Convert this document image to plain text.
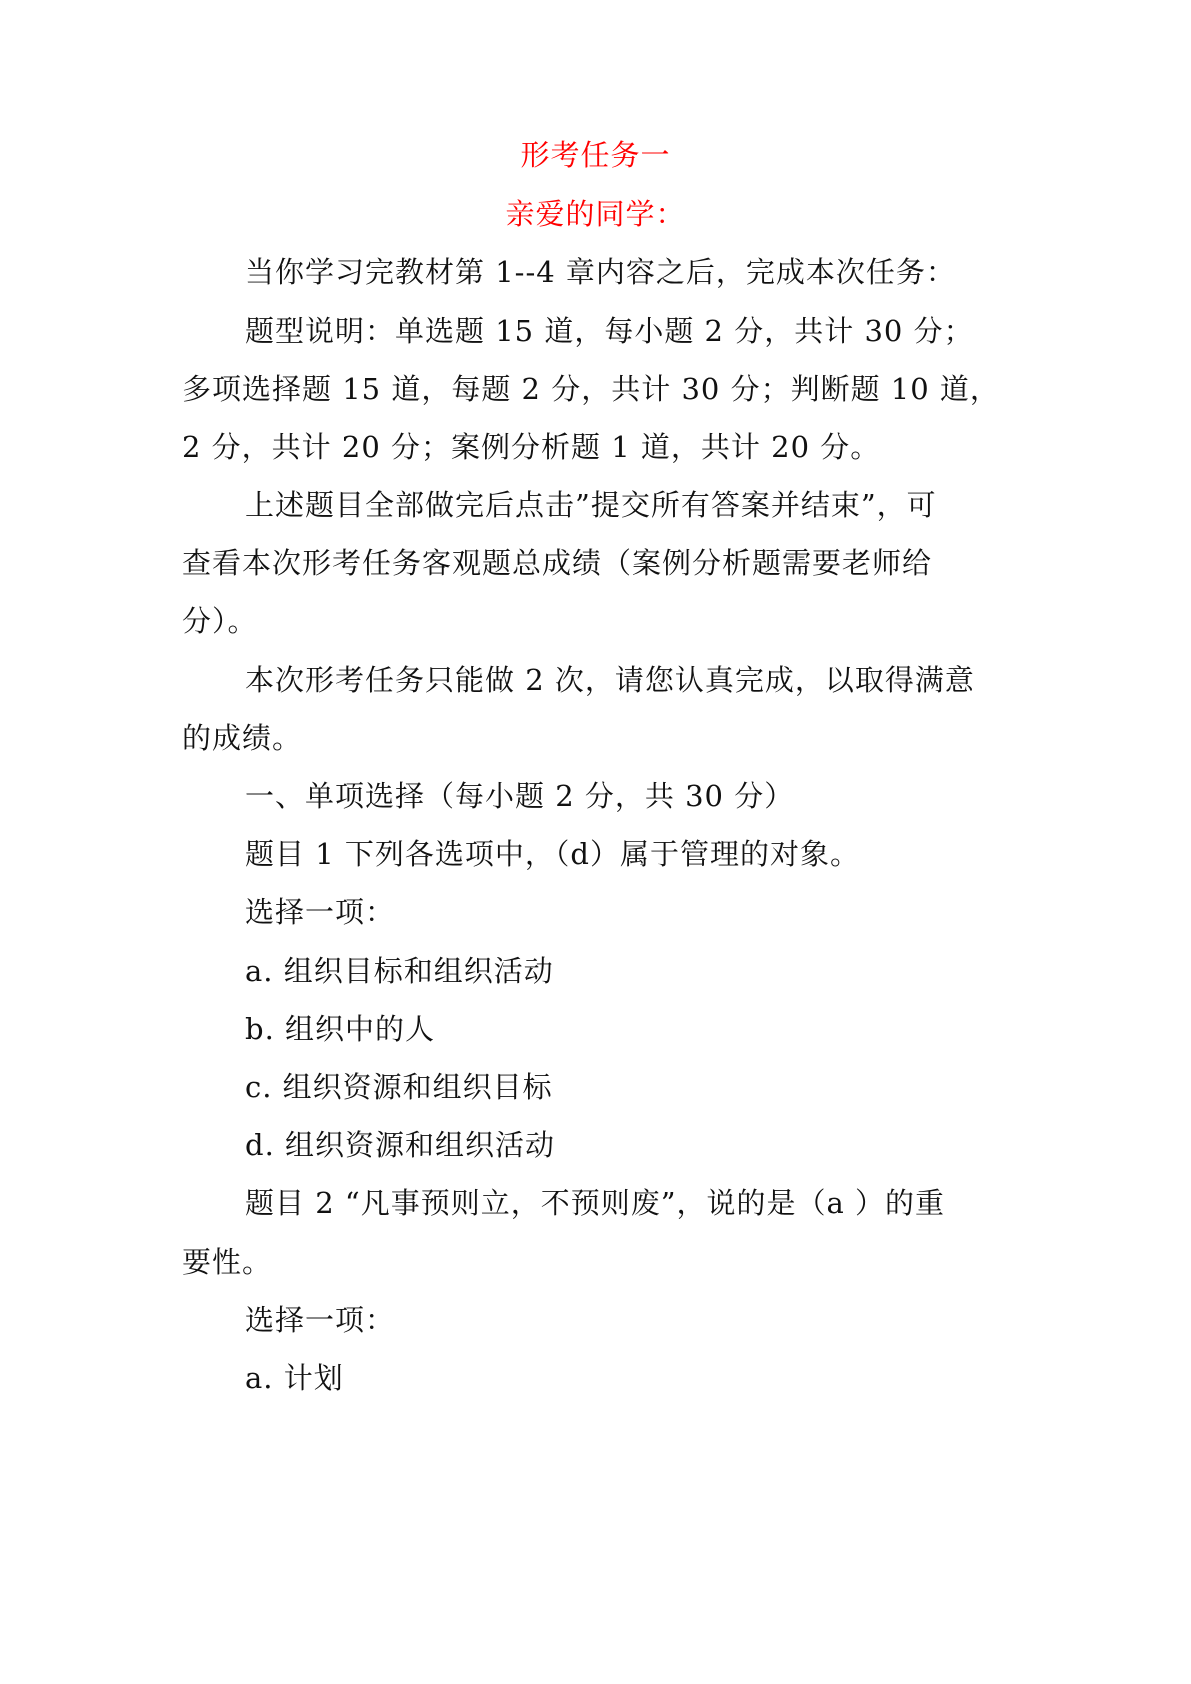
形考任务一
亲爱的同学：
当你学习完教材第 1--4 章内容之后，完成本次任务：
题型说明：单选题 15 道，每小题 2 分，共计 30 分；
多项选择题 15 道，每题 2 分，共计 30 分；判断题 10 道，
2 分，共计 20 分；案例分析题 1 道，共计 20 分。
上述题目全部做完后点击”提交所有答案并结束”，可
查看本次形考任务客观题总成绩（案例分析题需要老师给
分）。
本次形考任务只能做 2 次，请您认真完成，以取得满意
的成绩。
一、单项选择（每小题 2 分，共 30 分）
题目 1 下列各选项中，（d）属于管理的对象。
选择一项：
a. 组织目标和组织活动
b. 组织中的人
c. 组织资源和组织目标
d. 组织资源和组织活动
题目 2 “凡事预则立，不预则废”，说的是（a ）的重
要性。
选择一项：
a. 计划
